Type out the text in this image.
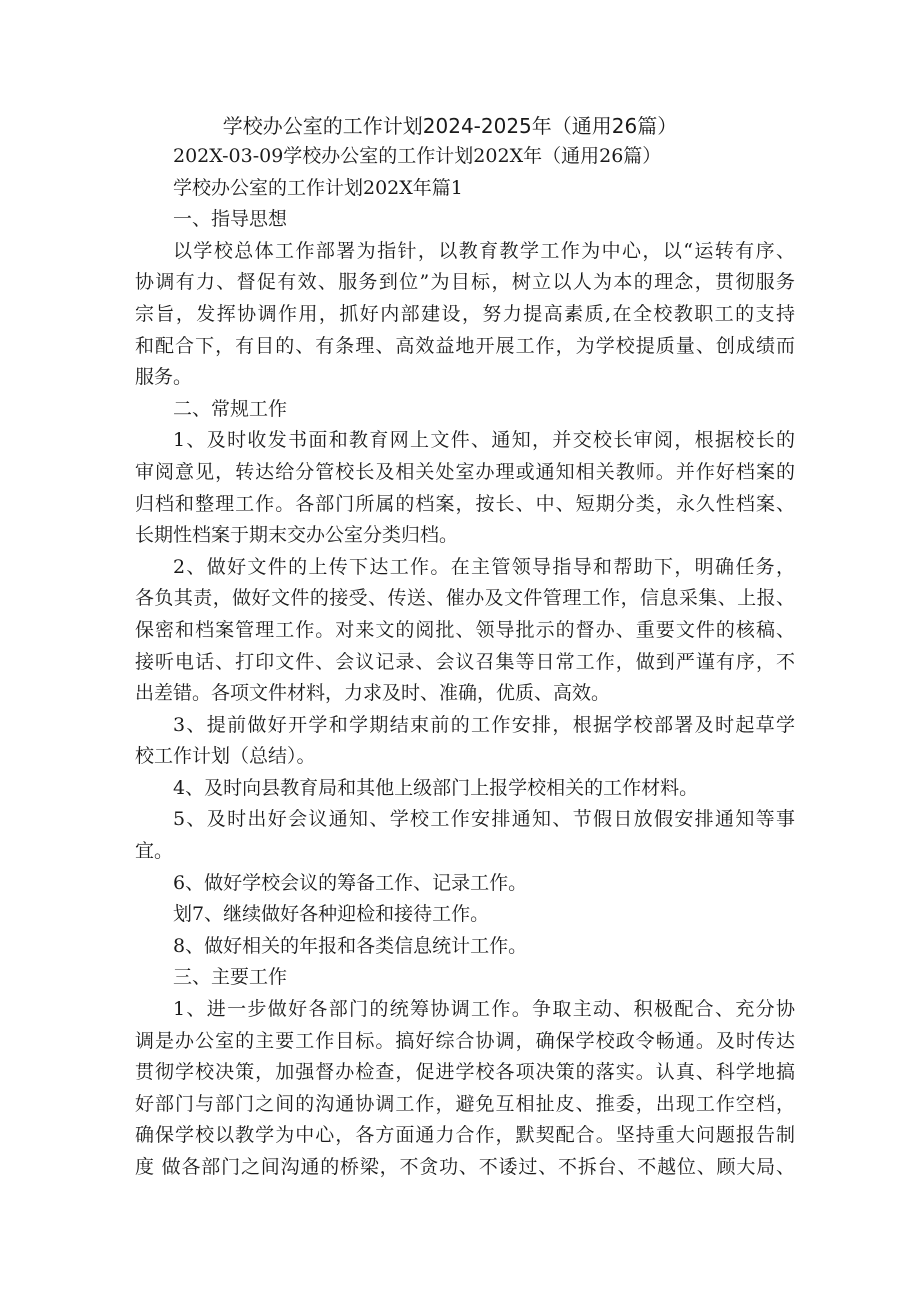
学校办公室的工作计划2024-2025年（通用26篇）
202X-03-09学校办公室的工作计划202X年（通用26篇）
学校办公室的工作计划202X年篇1
一、指导思想
以学校总体工作部署为指针，以教育教学工作为中心，以“运转有序、
协调有力、督促有效、服务到位”为目标，树立以人为本的理念，贯彻服务
宗旨，发挥协调作用，抓好内部建设，努力提高素质,在全校教职工的支持
和配合下，有目的、有条理、高效益地开展工作，为学校提质量、创成绩而
服务。
二、常规工作
1、及时收发书面和教育网上文件、通知，并交校长审阅，根据校长的
审阅意见，转达给分管校长及相关处室办理或通知相关教师。并作好档案的
归档和整理工作。各部门所属的档案，按长、中、短期分类，永久性档案、
长期性档案于期末交办公室分类归档。
2、做好文件的上传下达工作。在主管领导指导和帮助下，明确任务，
各负其责，做好文件的接受、传送、催办及文件管理工作，信息采集、上报、
保密和档案管理工作。对来文的阅批、领导批示的督办、重要文件的核稿、
接听电话、打印文件、会议记录、会议召集等日常工作，做到严谨有序，不
出差错。各项文件材料，力求及时、准确，优质、高效。
3、提前做好开学和学期结束前的工作安排，根据学校部署及时起草学
校工作计划（总结）。
4、及时向县教育局和其他上级部门上报学校相关的工作材料。
5、及时出好会议通知、学校工作安排通知、节假日放假安排通知等事
宜。
6、做好学校会议的筹备工作、记录工作。
划7、继续做好各种迎检和接待工作。
8、做好相关的年报和各类信息统计工作。
三、主要工作
1、进一步做好各部门的统筹协调工作。争取主动、积极配合、充分协
调是办公室的主要工作目标。搞好综合协调，确保学校政令畅通。及时传达
贯彻学校决策，加强督办检查，促进学校各项决策的落实。认真、科学地搞
好部门与部门之间的沟通协调工作，避免互相扯皮、推委，出现工作空档，
确保学校以教学为中心，各方面通力合作，默契配合。坚持重大问题报告制
度 做各部门之间沟通的桥梁，不贪功、不诿过、不拆台、不越位、顾大局、
